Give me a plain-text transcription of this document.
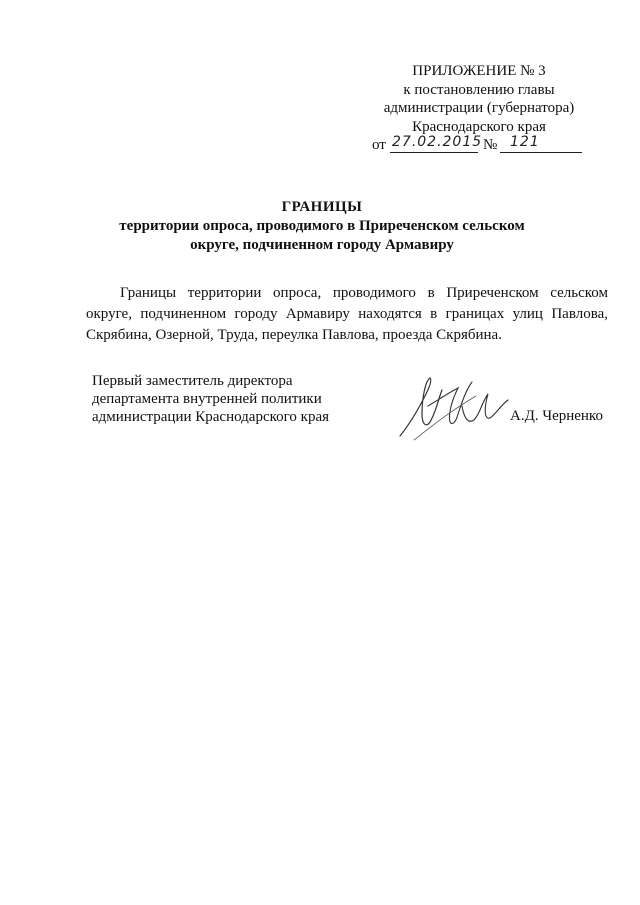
ПРИЛОЖЕНИЕ № 3
к постановлению главы
администрации (губернатора)
Краснодарского края
от 27.02.2015 № 121
ГРАНИЦЫ
территории опроса, проводимого в Приреченском сельском
округе, подчиненном городу Армавиру
Границы территории опроса, проводимого в Приреченском сельском округе, подчиненном городу Армавиру находятся в границах улиц Павлова, Скрябина, Озерной, Труда, переулка Павлова, проезда Скрябина.
Первый заместитель директора
департамента внутренней политики
администрации Краснодарского края	А.Д. Черненко
